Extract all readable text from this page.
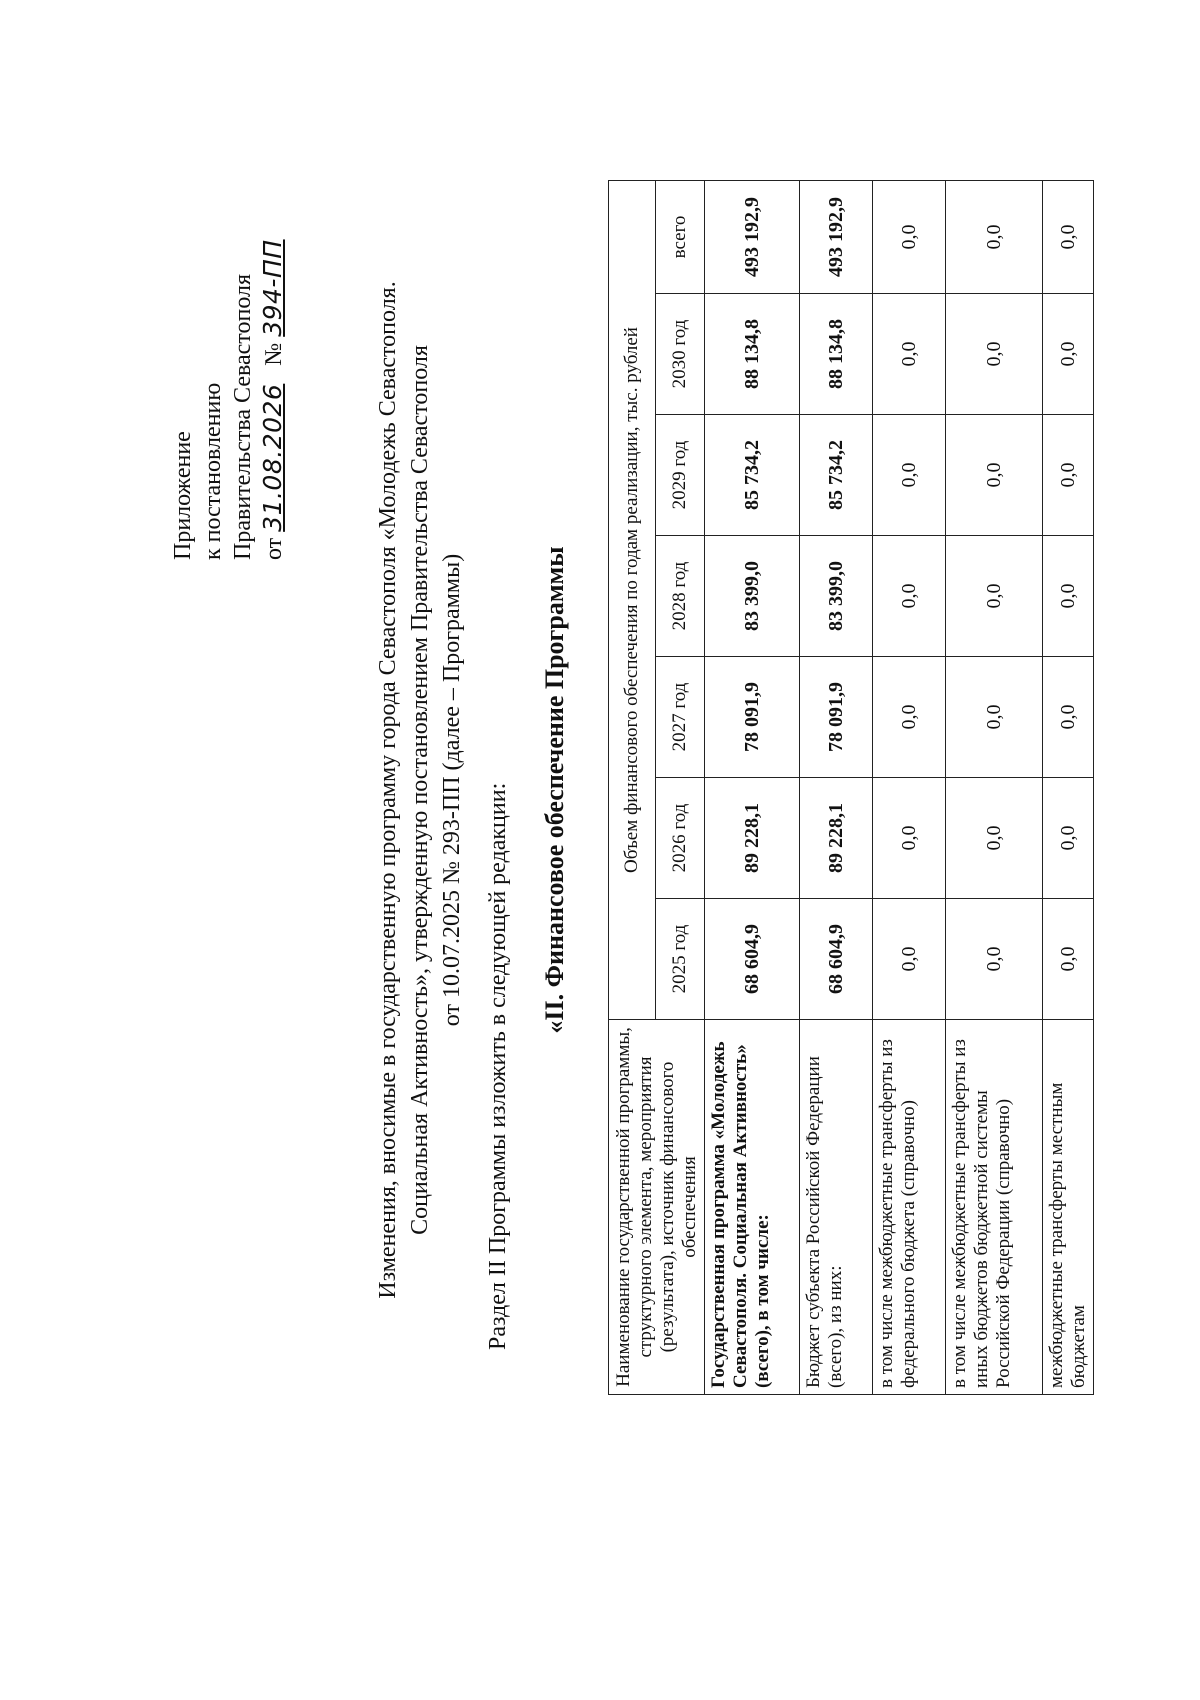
Приложение к постановлению Правительства Севастополя от 31.08.2026   № 394-ПП	Изменения, вносимые в государственную программу города Севастополя «Молодежь Севастополя. Социальная Активность», утвержденную постановлением Правительства Севастополя от 10.07.2025 № 293-ПП (далее – Программы) Раздел II Программы изложить в следующей редакции: «II. Финансовое обеспечение Программы
Наименование государственной программы, структурного элемента, мероприятия (результата), источник финансового обеспечения	Объем финансового обеспечения по годам реализации, тыс. рублей						
	2025 год	2026 год	2027 год	2028 год	2029 год	2030 год	всего
Государственная программа «Молодежь Севастополя. Социальная Активность» (всего), в том числе:	68 604,9	89 228,1	78 091,9	83 399,0	85 734,2	88 134,8	493 192,9
Бюджет субъекта Российской Федерации (всего), из них:	68 604,9	89 228,1	78 091,9	83 399,0	85 734,2	88 134,8	493 192,9
в том числе межбюджетные трансферты из федерального бюджета (справочно)	0,0	0,0	0,0	0,0	0,0	0,0	0,0
в том числе межбюджетные трансферты из иных бюджетов бюджетной системы Российской Федерации (справочно)	0,0	0,0	0,0	0,0	0,0	0,0	0,0
межбюджетные трансферты местным бюджетам	0,0	0,0	0,0	0,0	0,0	0,0	0,0
